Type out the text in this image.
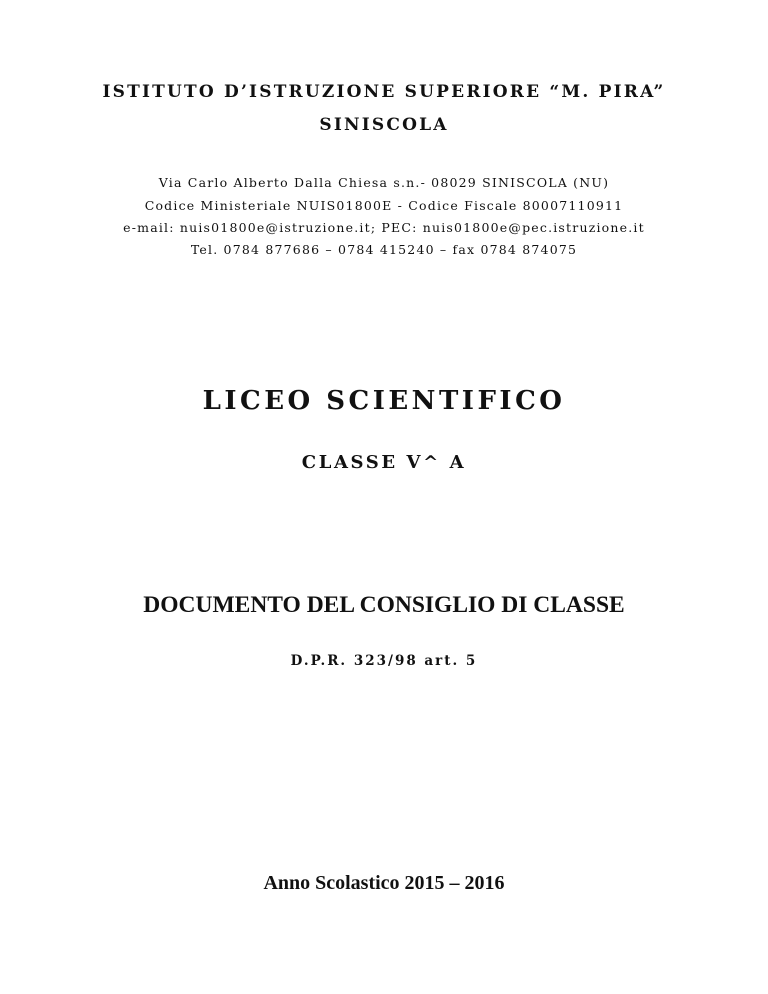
ISTITUTO D’ISTRUZIONE SUPERIORE “M. PIRA”
SINISCOLA
Via Carlo Alberto Dalla Chiesa s.n.- 08029 SINISCOLA (NU)
Codice Ministeriale NUIS01800E - Codice Fiscale 80007110911
e-mail: nuis01800e@istruzione.it; PEC: nuis01800e@pec.istruzione.it
Tel. 0784 877686 – 0784 415240 – fax 0784 874075
LICEO SCIENTIFICO
CLASSE V^ A
DOCUMENTO DEL CONSIGLIO DI CLASSE
D.P.R. 323/98 art. 5
Anno Scolastico 2015 – 2016
